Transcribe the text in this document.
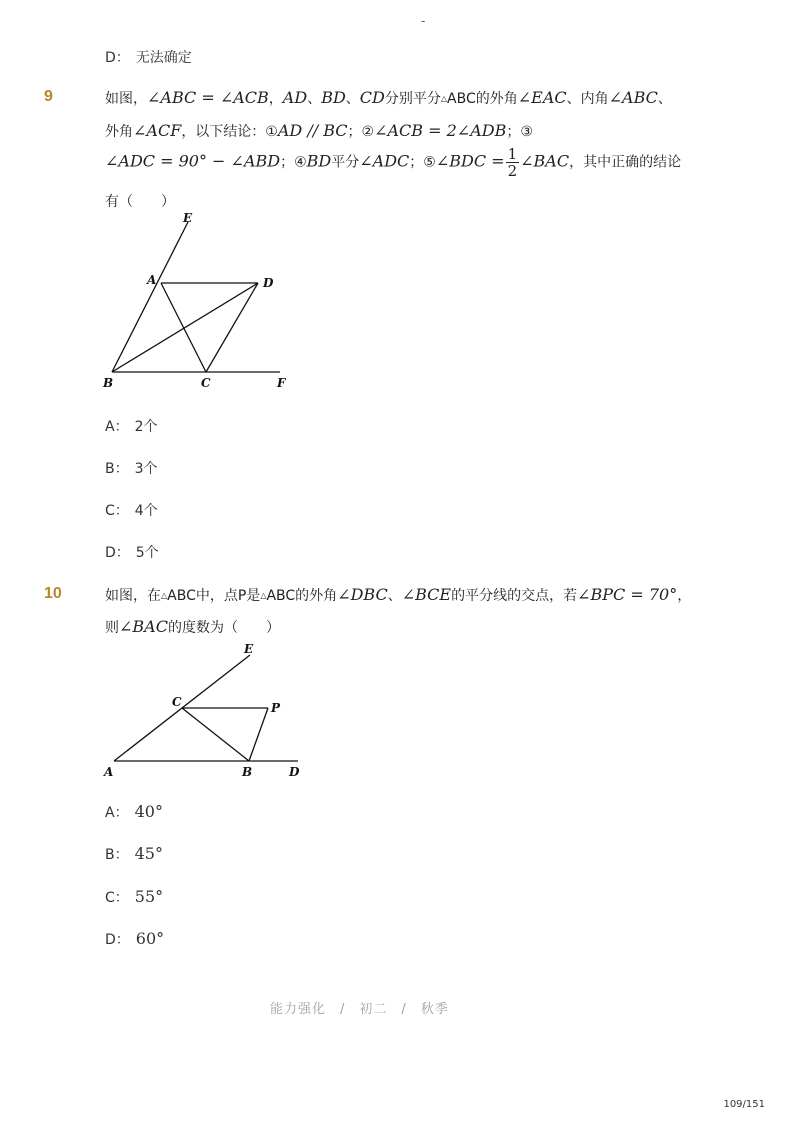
-
D： 无法确定
9	如图，∠ABC = ∠ACB，AD、BD、CD分别平分△ABC的外角∠EAC、内角∠ABC、
外角∠ACF，以下结论：①AD // BC；②∠ACB = 2∠ADB；③
∠ADC = 90° − ∠ABD；④BD平分∠ADC；⑤∠BDC = $\frac{1}{2}$ ∠BAC，其中正确的结论
有（　　）
E
A	D
B	C	F
A： 2个
B： 3个
C： 4个
D： 5个
10	如图，在△ABC中，点P是△ABC的外角∠DBC、∠BCE的平分线的交点，若∠BPC = 70°，
则∠BAC的度数为（　　）
E
C	P
A	B	D
A： 40°
B： 45°
C： 55°
D： 60°
能力强化　/　初二　/　秋季
109/151
